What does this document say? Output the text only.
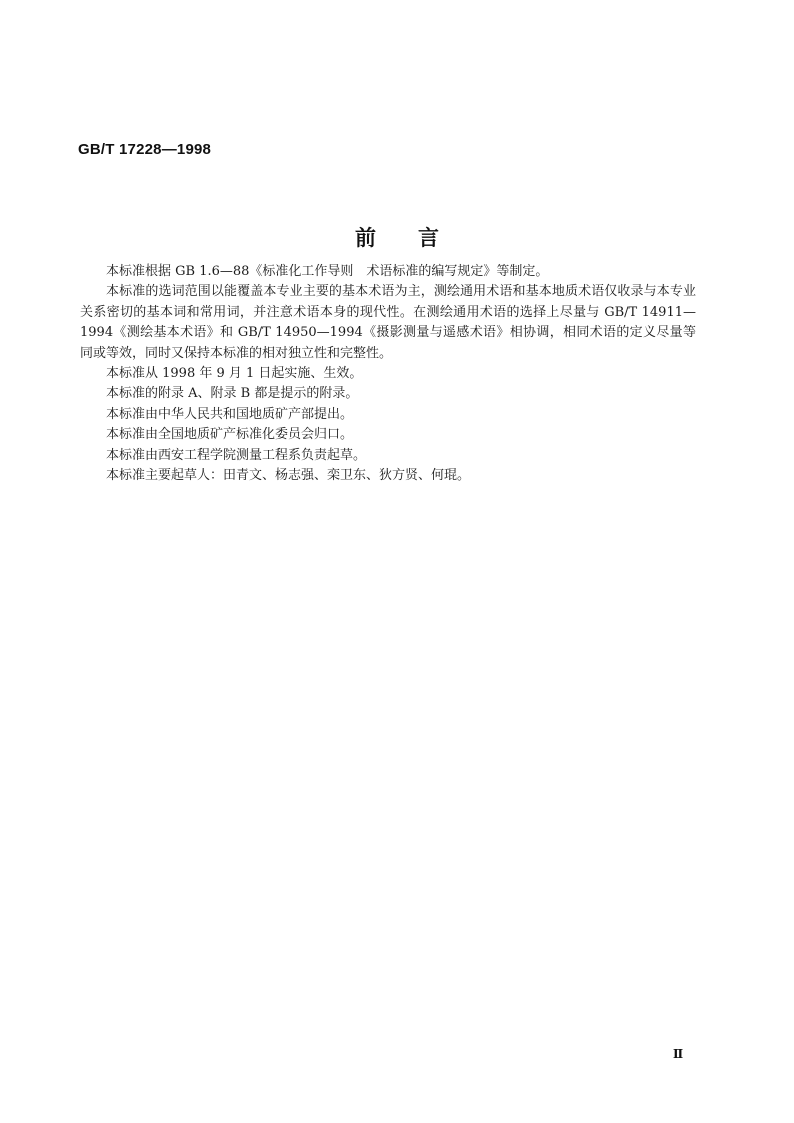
GB/T 17228—1998
前言

本标准根据 GB 1.6—88《标准化工作导则　术语标准的编写规定》等制定。

本标准的选词范围以能覆盖本专业主要的基本术语为主，测绘通用术语和基本地质术语仅收录与本专业关系密切的基本词和常用词，并注意术语本身的现代性。在测绘通用术语的选择上尽量与 GB/T 14911—1994《测绘基本术语》和 GB/T 14950—1994《摄影测量与遥感术语》相协调，相同术语的定义尽量等同或等效，同时又保持本标准的相对独立性和完整性。

本标准从 1998 年 9 月 1 日起实施、生效。

本标准的附录 A、附录 B 都是提示的附录。

本标准由中华人民共和国地质矿产部提出。

本标准由全国地质矿产标准化委员会归口。

本标准由西安工程学院测量工程系负责起草。

本标准主要起草人：田青文、杨志强、栾卫东、狄方贤、何琨。

Ⅱ
